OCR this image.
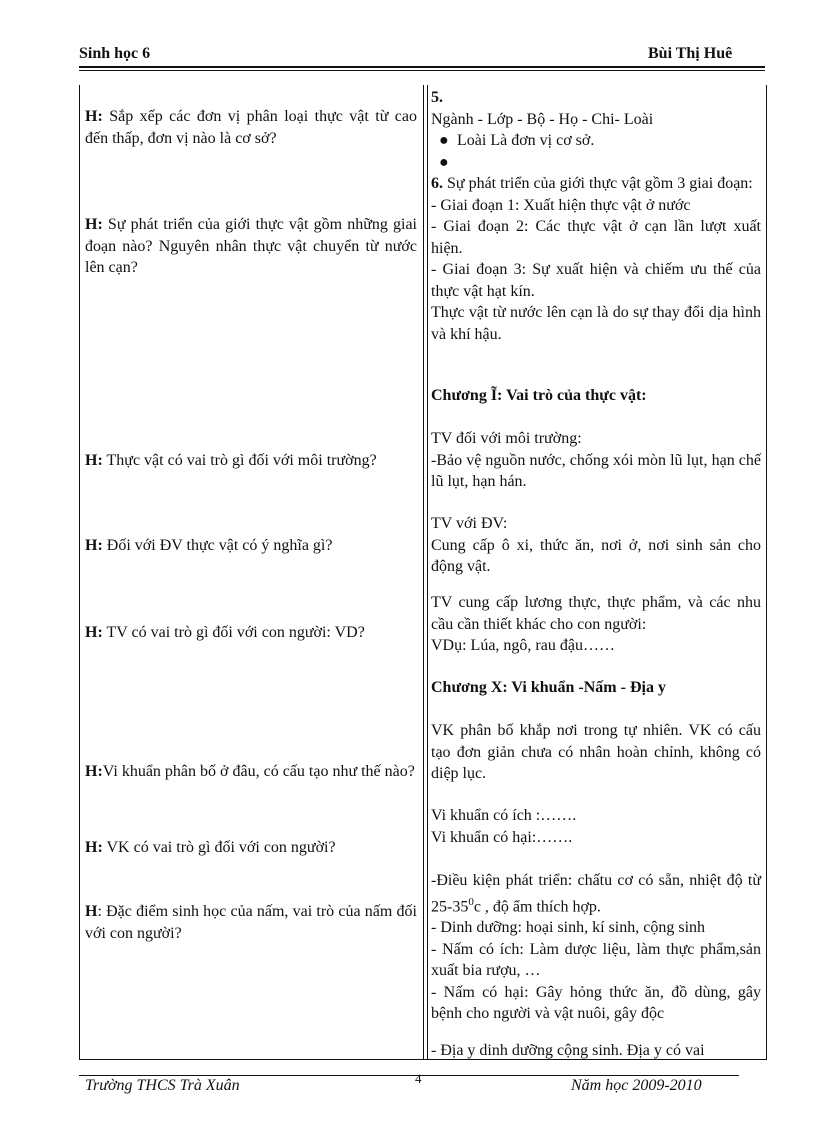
Sinh học 6	Bùi Thị Huê
H: Sắp xếp các đơn vị phân loại thực vật từ cao đến thấp, đơn vị nào là cơ sở?
H: Sự phát triển của giới thực vật gồm những giai đoạn nào? Nguyên nhân thực vật chuyển từ nước lên cạn?
H: Thực vật có vai trò gì đối với môi trường?
H: Đối với ĐV thực vật có ý nghĩa gì?
H: TV có vai trò gì đối với con người: VD?
H:Vi khuẩn phân bố ở đâu, có cấu tạo như thế nào?
H: VK có vai trò gì đối với con người?
H: Đặc điểm sinh học của nấm, vai trò của nấm đối với con người?
5.
Ngành - Lớp - Bộ - Họ - Chi- Loài
● Loài Là đơn vị cơ sở.
●

6. Sự phát triển của giới thực vật gồm 3 giai đoạn:
- Giai đoạn 1: Xuất hiện thực vật ở nước
- Giai đoạn 2: Các thực vật ở cạn lần lượt xuất hiện.
- Giai đoạn 3: Sự xuất hiện và chiếm ưu thế của thực vật hạt kín.
Thực vật từ nước lên cạn là do sự thay đổi dịa hình và khí hậu.
Chương Ĩ: Vai trò của thực vật:
TV đối với môi trường:
-Bảo vệ nguồn nước, chống xói mòn lũ lụt, hạn chế lũ lụt, hạn hán.
TV với ĐV:
Cung cấp ô xi, thức ăn, nơi ở, nơi sinh sản cho động vật.
TV cung cấp lương thực, thực phẩm, và các nhu cầu cần thiết khác cho con người:
VDụ: Lúa, ngô, rau đậu……
Chương X: Vi khuẩn -Nấm - Địa y
VK phân bố khắp nơi trong tự nhiên. VK có cấu tạo đơn giản chưa có nhân hoàn chỉnh, không có diệp lục.
Vi khuẩn có ích :…….
Vi khuẩn có hại:…….
-Điều kiện phát triển: chấtu cơ có sẵn, nhiệt độ từ $25-35^0c$ , độ ẩm thích hợp.
- Dinh dưỡng: hoại sinh, kí sinh, cộng sinh
- Nấm có ích: Làm dược liệu, làm thực phẩm,sản xuất bia rượu, …
- Nấm có hại: Gây hỏng thức ăn, đồ dùng, gây bệnh cho người và vật nuôi, gây độc
- Địa y dinh dưỡng cộng sinh. Địa y có vai
4
Trường THCS Trà Xuân	Năm học 2009-2010
